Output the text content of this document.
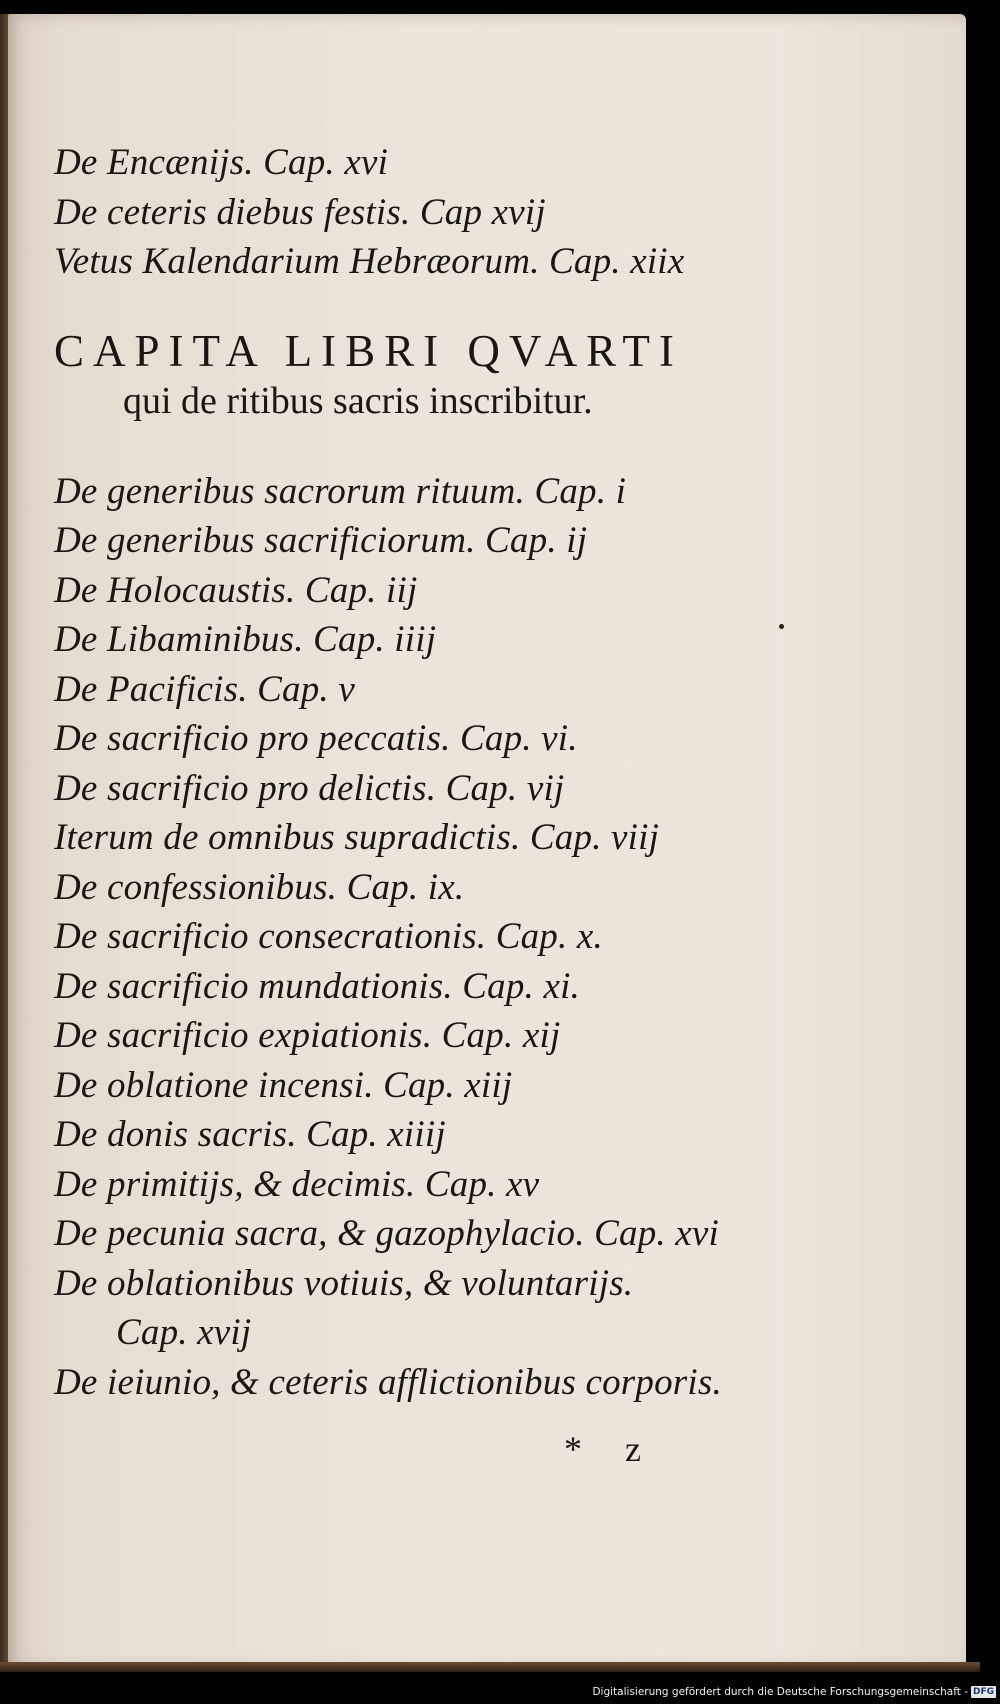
De Encænijs. Cap. xvi
De ceteris diebus festis. Cap xvij
Vetus Kalendarium Hebræorum. Cap. xiix
CAPITA LIBRI QVARTI
qui de ritibus sacris inscribitur.
De generibus sacrorum rituum. Cap. i
De generibus sacrificiorum. Cap. ij
De Holocaustis. Cap. iij
De Libaminibus. Cap. iiij
De Pacificis. Cap. v
De sacrificio pro peccatis. Cap. vi.
De sacrificio pro delictis. Cap. vij
Iterum de omnibus supradictis. Cap. viij
De confessionibus. Cap. ix.
De sacrificio consecrationis. Cap. x.
De sacrificio mundationis. Cap. xi.
De sacrificio expiationis. Cap. xij
De oblatione incensi. Cap. xiij
De donis sacris. Cap. xiiij
De primitijs, & decimis. Cap. xv
De pecunia sacra, & gazophylacio. Cap. xvi
De oblationibus votiuis, & voluntarijs.
Cap. xvij
De ieiunio, & ceteris afflictionibus corporis.
* z
Digitalisierung gefördert durch die Deutsche Forschungsgemeinschaft - DFG
